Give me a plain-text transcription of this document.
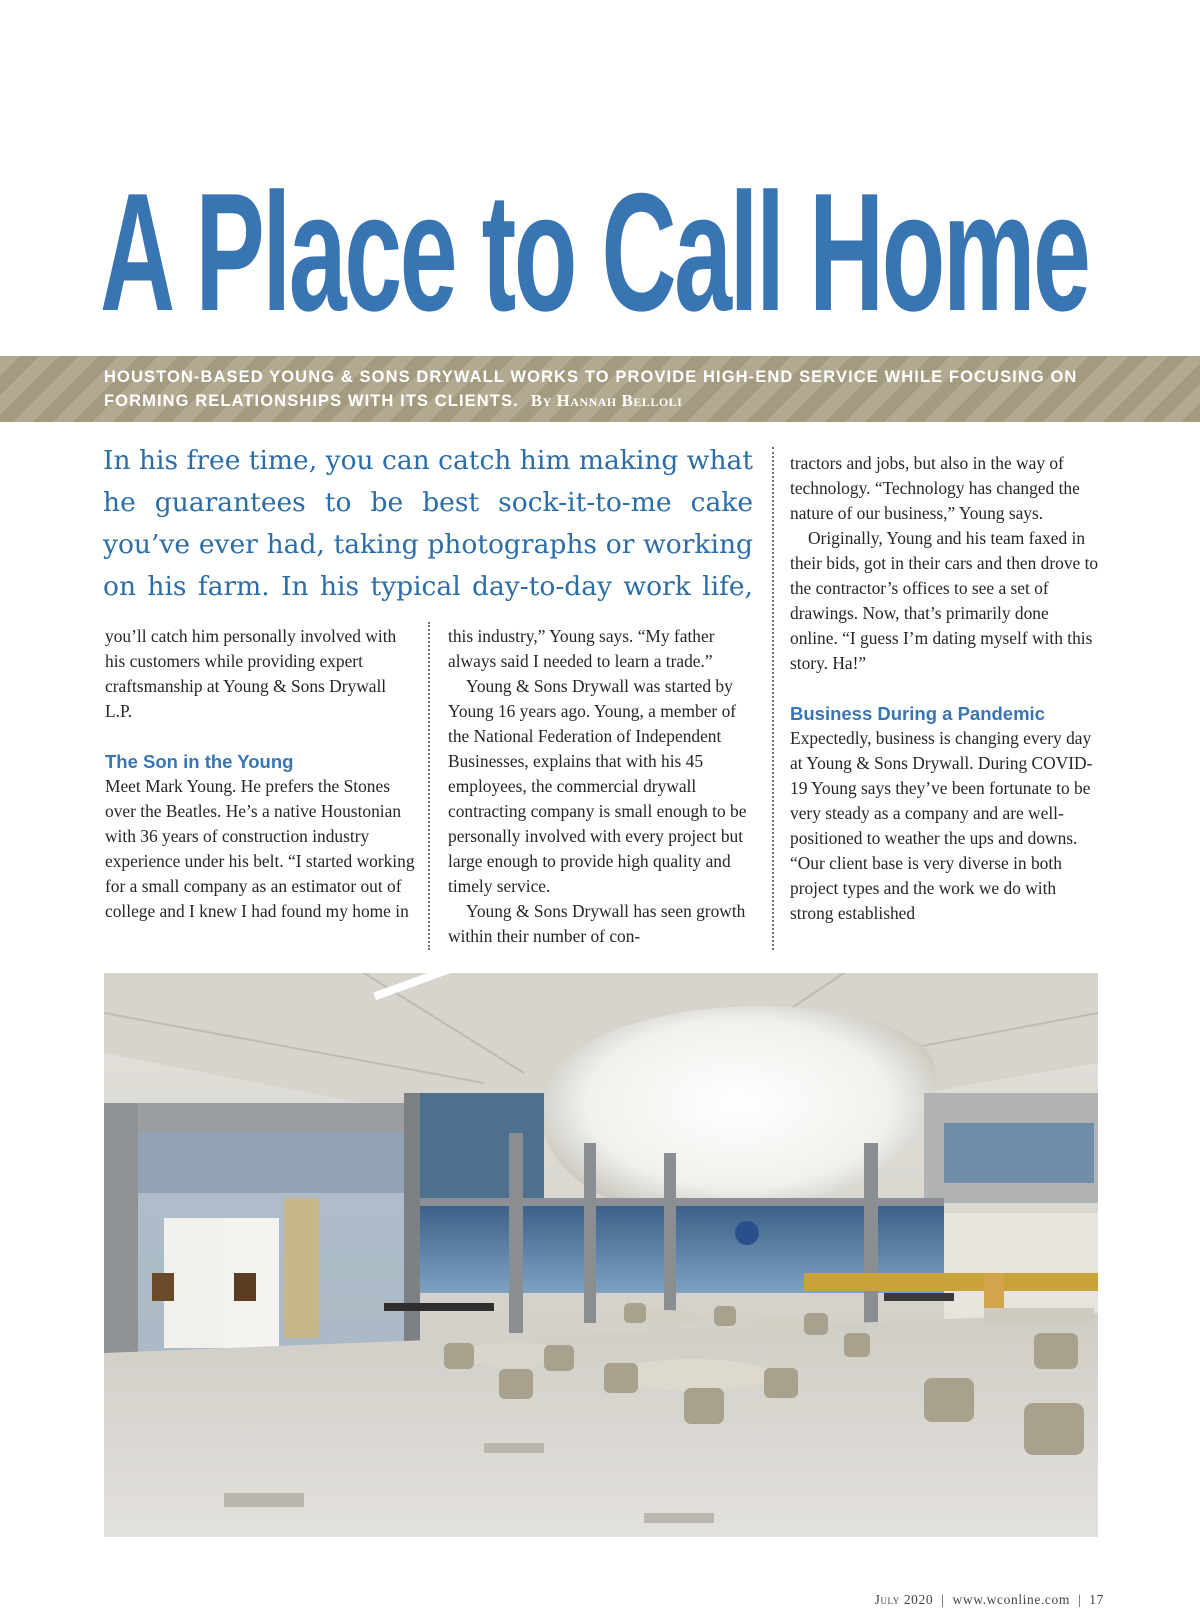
A Place to Call Home
HOUSTON-BASED YOUNG & SONS DRYWALL WORKS TO PROVIDE HIGH-END SERVICE WHILE FOCUSING ON FORMING RELATIONSHIPS WITH ITS CLIENTS. By Hannah Belloli
In his free time, you can catch him making what he guarantees to be best sock-it-to-me cake you’ve ever had, taking photographs or working on his farm. In his typical day-to-day work life,

you’ll catch him personally involved with his customers while providing expert craftsmanship at Young & Sons Drywall L.P.

The Son in the Young

Meet Mark Young. He prefers the Stones over the Beatles. He’s a native Houstonian with 36 years of construction industry experience under his belt. “I started working for a small company as an estimator out of college and I knew I had found my home in

this industry,” Young says. “My father always said I needed to learn a trade.”

Young & Sons Drywall was started by Young 16 years ago. Young, a member of the National Federation of Independent Businesses, explains that with his 45 employees, the commercial drywall contracting company is small enough to be personally involved with every project but large enough to provide high quality and timely service.

Young & Sons Drywall has seen growth within their number of con-

tractors and jobs, but also in the way of technology. “Technology has changed the nature of our business,” Young says.

Originally, Young and his team faxed in their bids, got in their cars and then drove to the contractor’s offices to see a set of drawings. Now, that’s primarily done online. “I guess I’m dating myself with this story. Ha!”

Business During a Pandemic

Expectedly, business is changing every day at Young & Sons Drywall. During COVID-19 Young says they’ve been fortunate to be very steady as a company and are well-positioned to weather the ups and downs. “Our client base is very diverse in both project types and the work we do with strong established

July 2020 | www.wconline.com | 17
